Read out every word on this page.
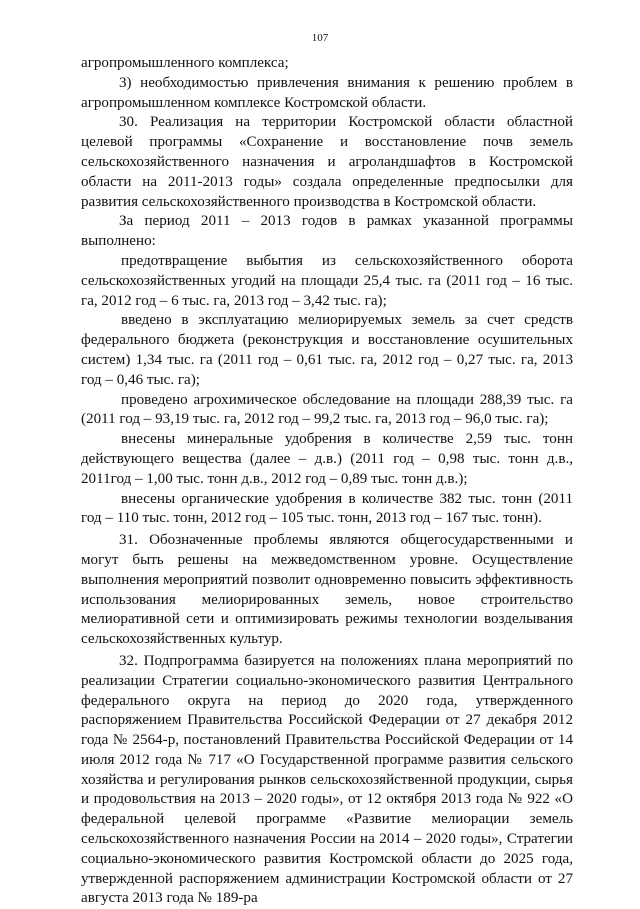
107

агропромышленного комплекса;

3) необходимостью привлечения внимания к решению проблем в агропромышленном комплексе Костромской области.

30. Реализация на территории Костромской области областной целевой программы «Сохранение и восстановление почв земель сельскохозяйственного назначения и агроландшафтов в Костромской области на 2011-2013 годы» создала определенные предпосылки для развития сельскохозяйственного производства в Костромской области.

За период 2011 – 2013 годов в рамках указанной программы выполнено:

предотвращение выбытия из сельскохозяйственного оборота сельскохозяйственных угодий на площади 25,4 тыс. га (2011 год – 16 тыс. га, 2012 год – 6 тыс. га, 2013 год – 3,42 тыс. га);

введено в эксплуатацию мелиорируемых земель за счет средств федерального бюджета (реконструкция и восстановление осушительных систем) 1,34 тыс. га (2011 год – 0,61 тыс. га, 2012 год – 0,27 тыс. га, 2013 год – 0,46 тыс. га);

проведено агрохимическое обследование на площади 288,39 тыс. га (2011 год – 93,19 тыс. га, 2012 год – 99,2 тыс. га, 2013 год – 96,0 тыс. га);

внесены минеральные удобрения в количестве 2,59 тыс. тонн действующего вещества (далее – д.в.) (2011 год – 0,98 тыс. тонн д.в., 2011год – 1,00 тыс. тонн д.в., 2012 год – 0,89 тыс. тонн д.в.);

внесены органические удобрения в количестве 382 тыс. тонн (2011 год – 110 тыс. тонн, 2012 год – 105 тыс. тонн, 2013 год – 167 тыс. тонн).

31. Обозначенные проблемы являются общегосударственными и могут быть решены на межведомственном уровне. Осуществление выполнения мероприятий позволит одновременно повысить эффективность использования мелиорированных земель, новое строительство мелиоративной сети и оптимизировать режимы технологии возделывания сельскохозяйственных культур.

32. Подпрограмма базируется на положениях плана мероприятий по реализации Стратегии социально-экономического развития Центрального федерального округа на период до 2020 года, утвержденного распоряжением Правительства Российской Федерации от 27 декабря 2012 года № 2564-р, постановлений Правительства Российской Федерации от 14 июля 2012 года № 717 «О Государственной программе развития сельского хозяйства и регулирования рынков сельскохозяйственной продукции, сырья и продовольствия на 2013 – 2020 годы», от 12 октября 2013 года № 922 «О федеральной целевой программе «Развитие мелиорации земель сельскохозяйственного назначения России на 2014 – 2020 годы», Стратегии социально-экономического развития Костромской области до 2025 года, утвержденной распоряжением администрации Костромской области от 27 августа 2013 года № 189-ра
